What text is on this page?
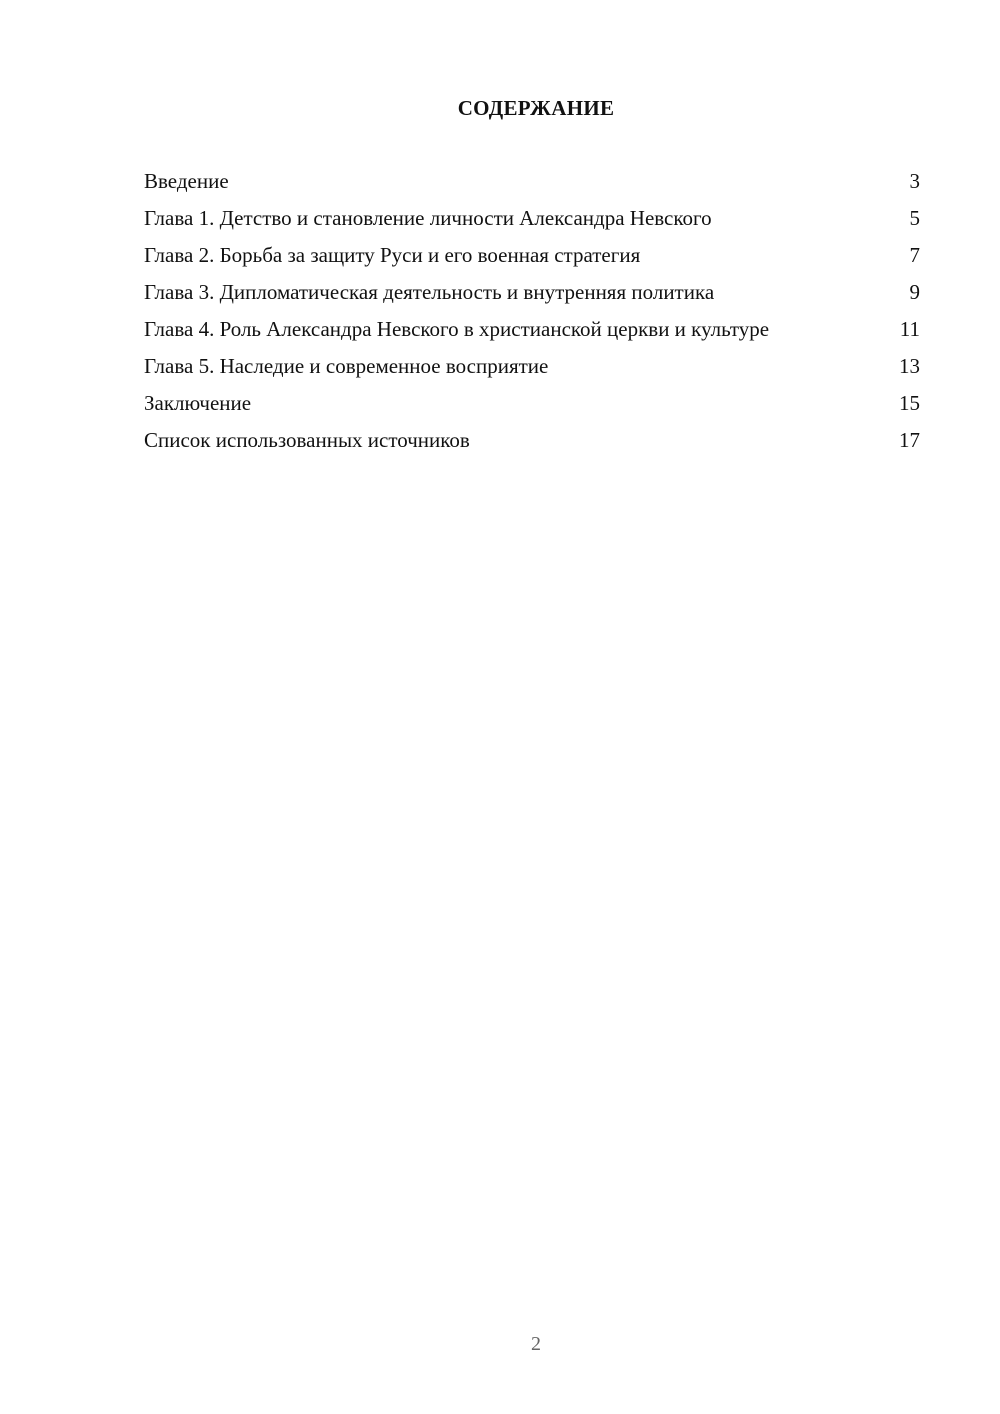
СОДЕРЖАНИЕ
Введение	3
Глава 1. Детство и становление личности Александра Невского	5
Глава 2. Борьба за защиту Руси и его военная стратегия	7
Глава 3. Дипломатическая деятельность и внутренняя политика	9
Глава 4. Роль Александра Невского в христианской церкви и культуре	11
Глава 5. Наследие и современное восприятие	13
Заключение	15
Список использованных источников	17
2
